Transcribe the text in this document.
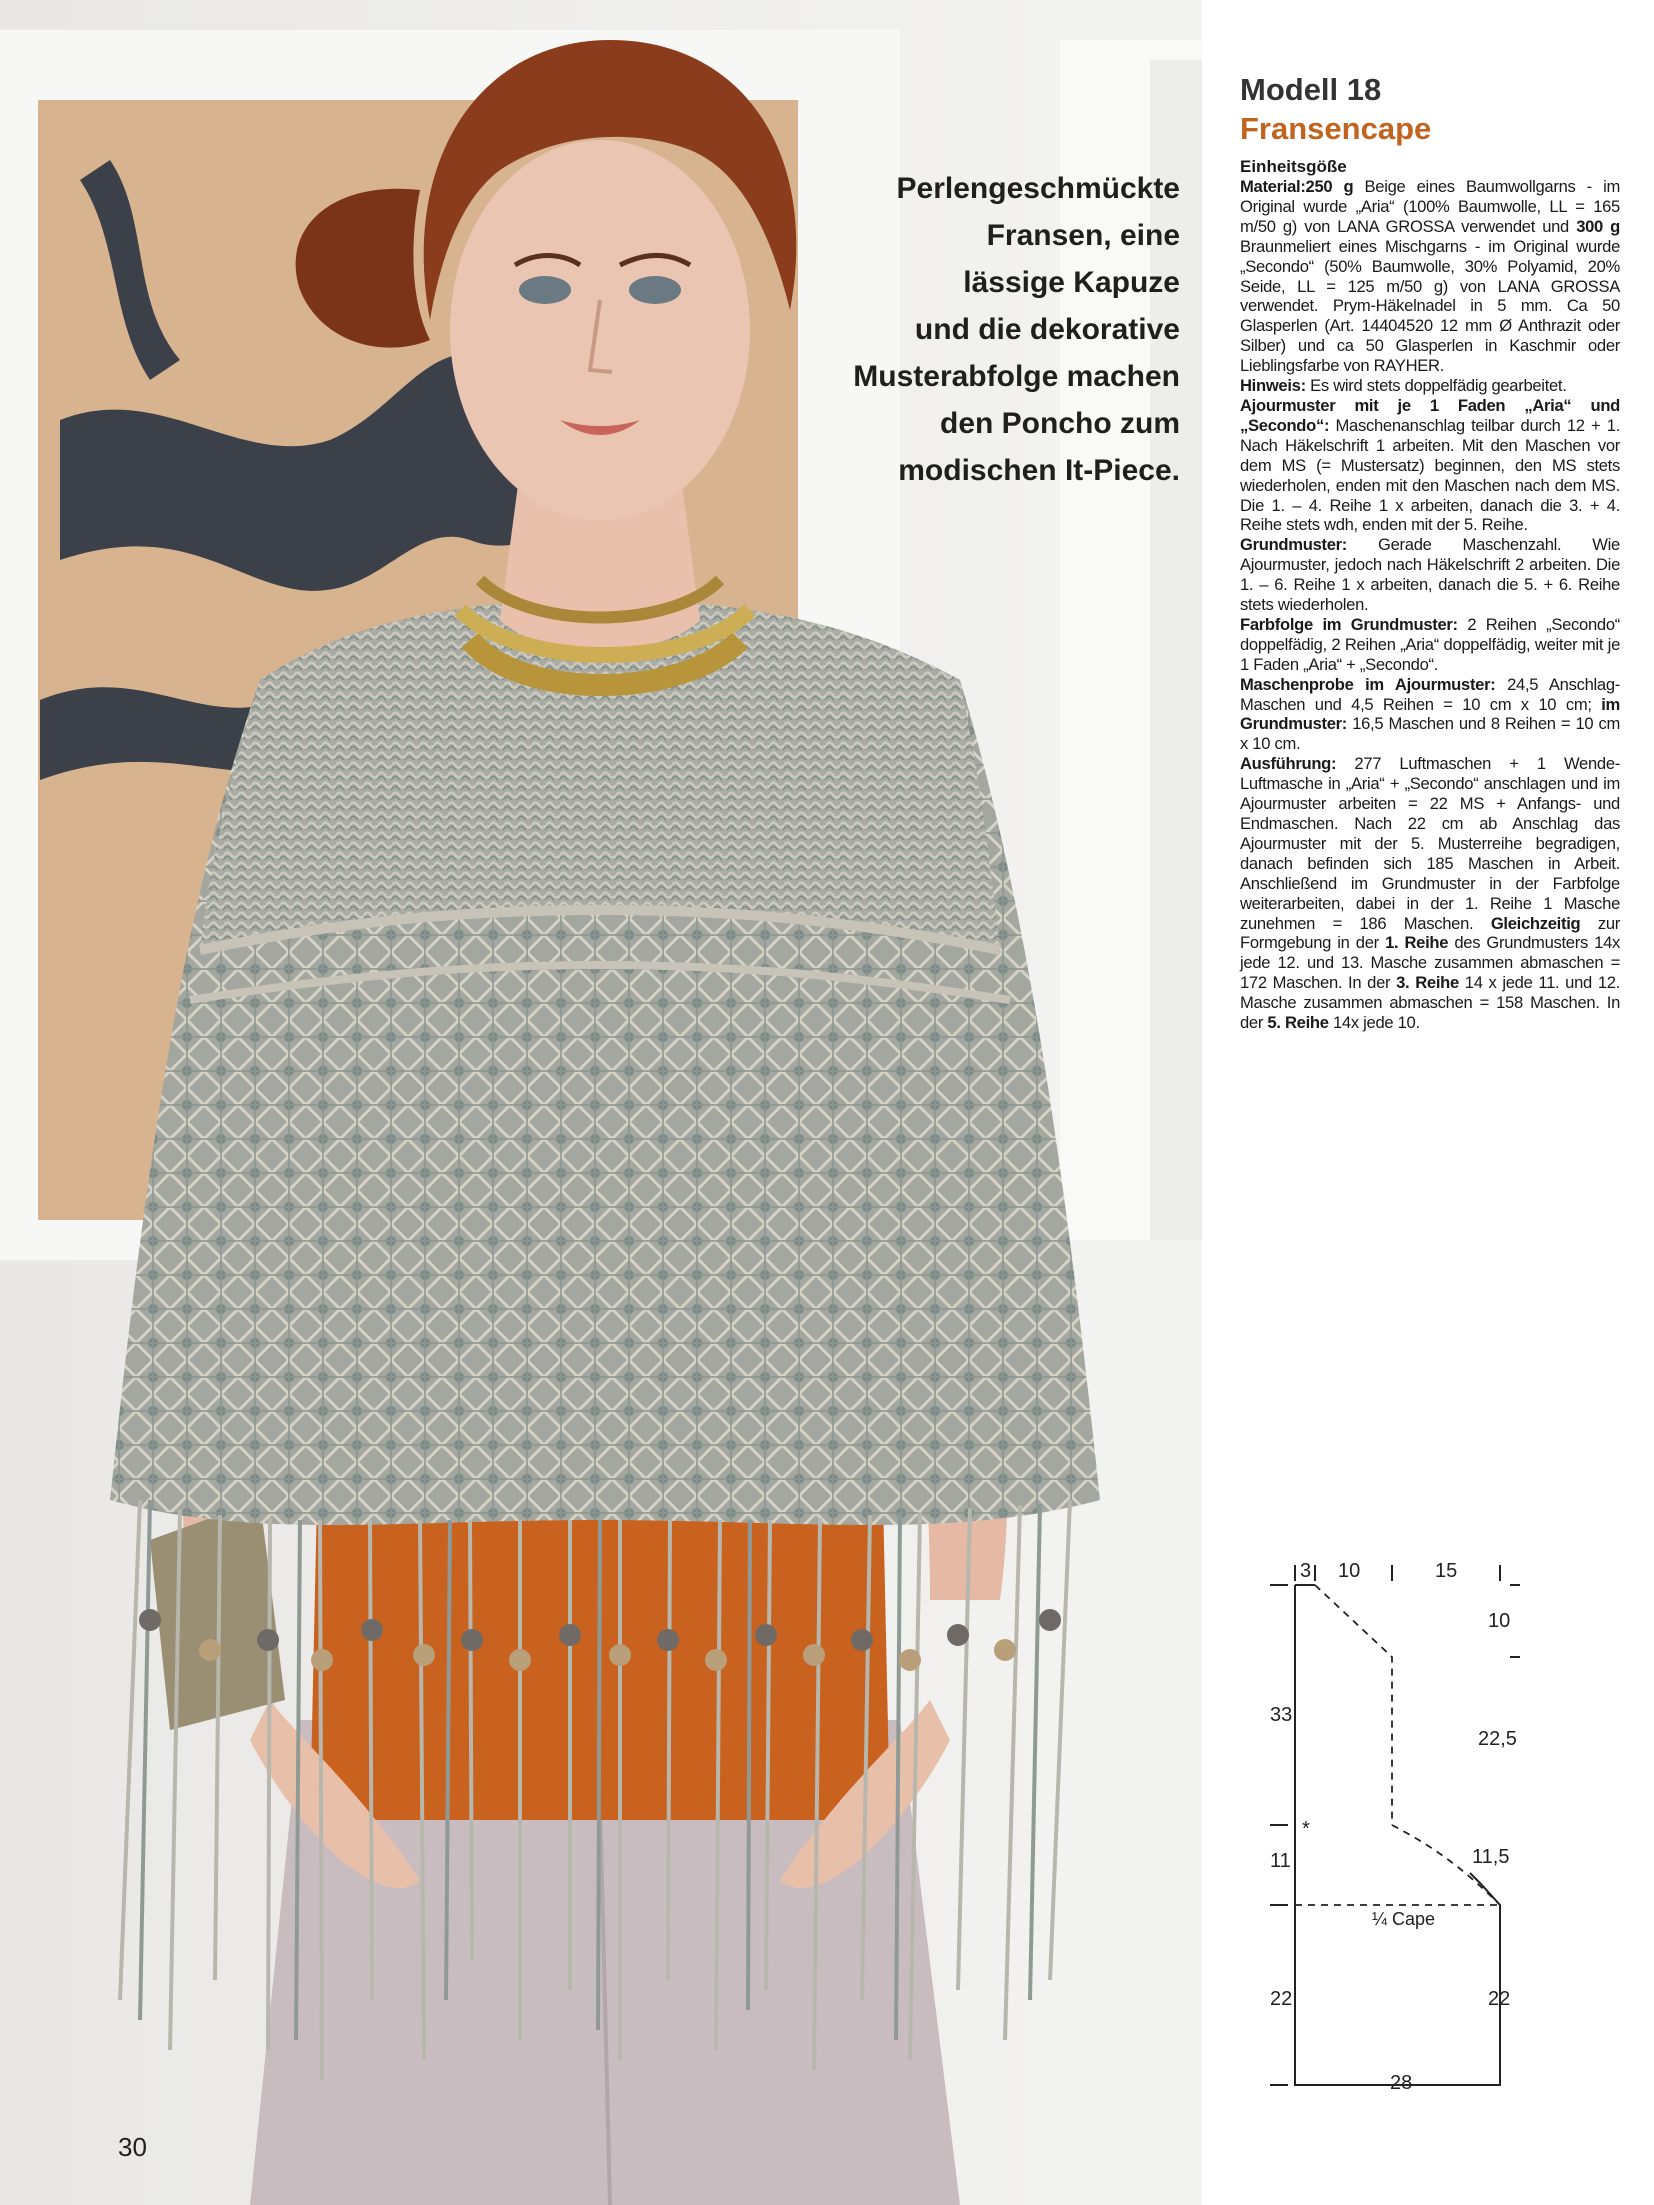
Perlengeschmückte
Fransen, eine
lässige Kapuze
und die dekorative
Musterabfolge machen
den Poncho zum
modischen It-Piece.

30

Modell 18
Fransencape

Einheitsgöße

Material:250 g Beige eines Baumwollgarns - im Original wurde „Aria“ (100% Baumwolle, LL = 165 m/50 g) von LANA GROSSA verwendet und 300 g Braunmeliert eines Mischgarns - im Original wurde „Secondo“ (50% Baumwolle, 30% Polyamid, 20% Seide, LL = 125 m/50 g) von LANA GROSSA verwendet. Prym-Häkelnadel in 5 mm. Ca 50 Glasperlen (Art. 14404520 12 mm Ø Anthrazit oder Silber) und ca 50 Glasperlen in Kaschmir oder Lieblingsfarbe von RAYHER.
Hinweis: Es wird stets doppelfädig gearbeitet.
Ajourmuster mit je 1 Faden „Aria“ und „Secondo“: Maschenanschlag teilbar durch 12 + 1. Nach Häkelschrift 1 arbeiten. Mit den Maschen vor dem MS (= Mustersatz) beginnen, den MS stets wiederholen, enden mit den Maschen nach dem MS. Die 1. – 4. Reihe 1 x arbeiten, danach die 3. + 4. Reihe stets wdh, enden mit der 5. Reihe.
Grundmuster: Gerade Maschenzahl. Wie Ajourmuster, jedoch nach Häkelschrift 2 arbeiten. Die 1. – 6. Reihe 1 x arbeiten, danach die 5. + 6. Reihe stets wiederholen.
Farbfolge im Grundmuster: 2 Reihen „Secondo“ doppelfädig, 2 Reihen „Aria“ doppelfädig, weiter mit je 1 Faden „Aria“ + „Secondo“.
Maschenprobe im Ajourmuster: 24,5 Anschlag-Maschen und 4,5 Reihen = 10 cm x 10 cm; im Grundmuster: 16,5 Maschen und 8 Reihen = 10 cm x 10 cm.
Ausführung: 277 Luftmaschen + 1 Wende-Luftmasche in „Aria“ + „Secondo“ anschlagen und im Ajourmuster arbeiten = 22 MS + Anfangs- und Endmaschen. Nach 22 cm ab Anschlag das Ajourmuster mit der 5. Musterreihe begradigen, danach befinden sich 185 Maschen in Arbeit. Anschließend im Grundmuster in der Farbfolge weiterarbeiten, dabei in der 1. Reihe 1 Masche zunehmen = 186 Maschen. Gleichzeitig zur Formgebung in der 1. Reihe des Grundmusters 14x jede 12. und 13. Masche zusammen abmaschen = 172 Maschen. In der 3. Reihe 14 x jede 11. und 12. Masche zusammen abmaschen = 158 Maschen. In der 5. Reihe 14x jede 10.
3 10	15
10
22,5
11,5
22
33
11
22
28
*
¼ Cape
